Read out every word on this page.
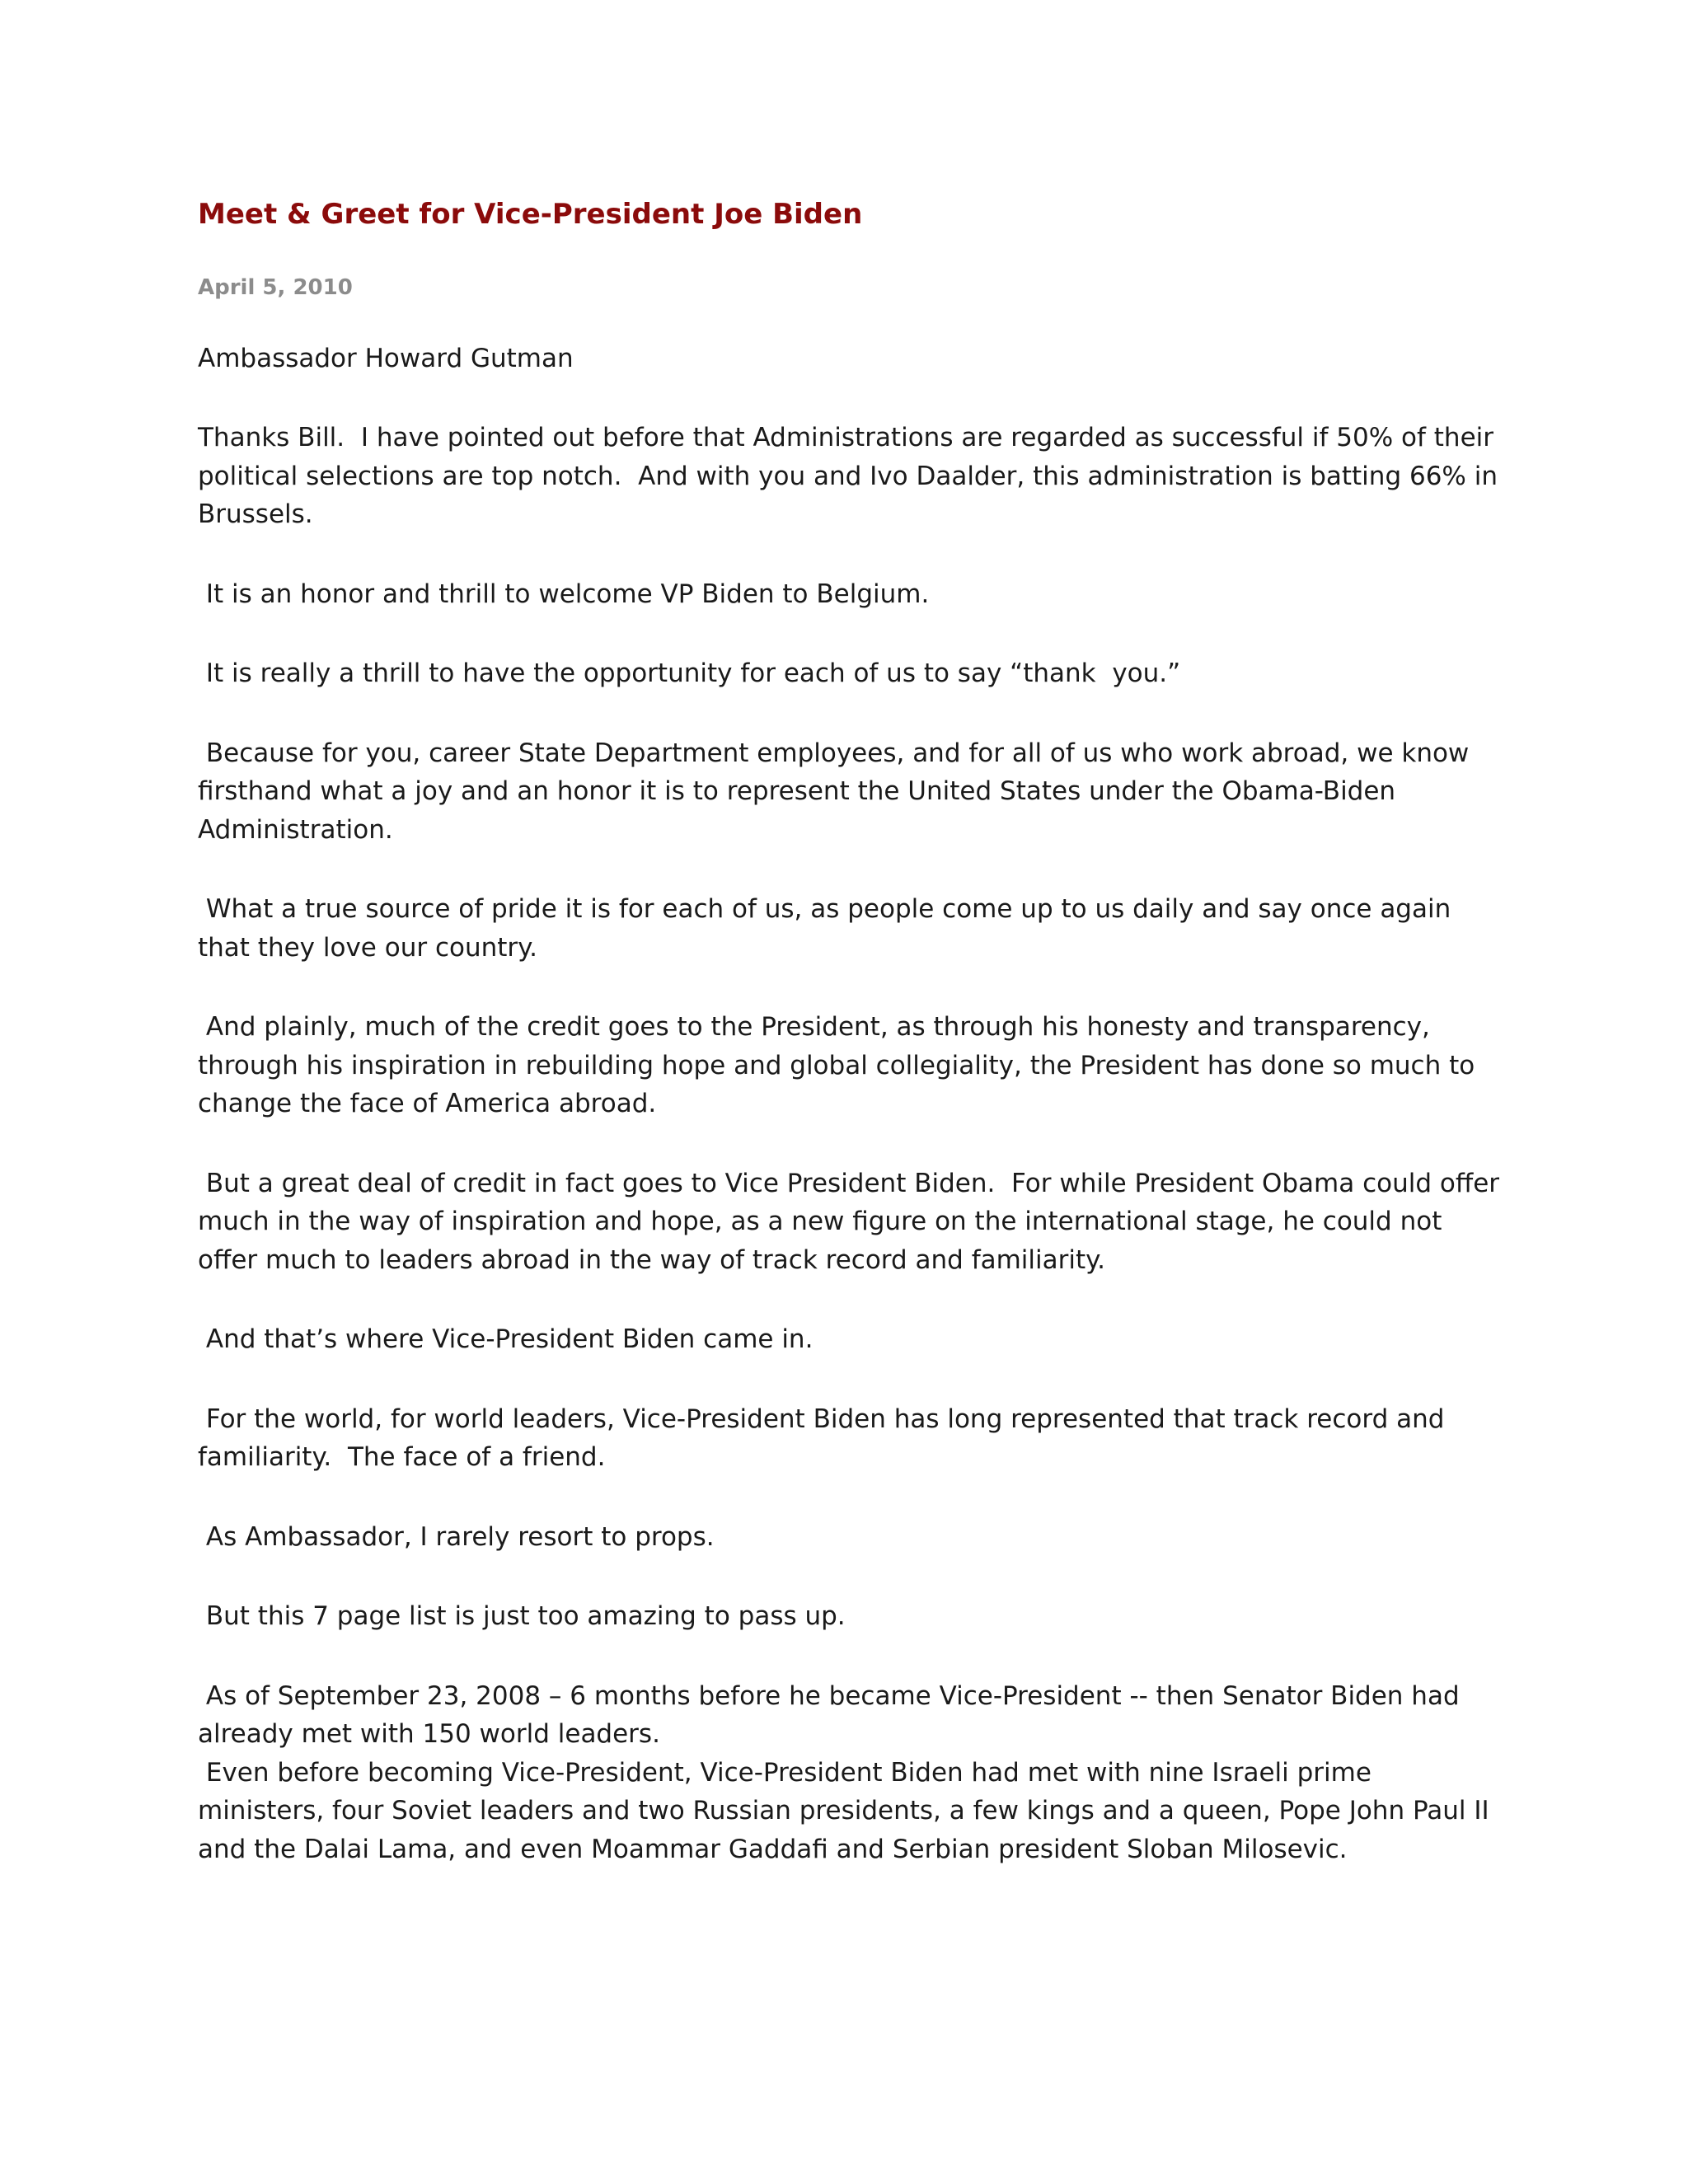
Meet & Greet for Vice-President Joe Biden
April 5, 2010
Ambassador Howard Gutman

Thanks Bill.  I have pointed out before that Administrations are regarded as successful if 50% of their political selections are top notch.  And with you and Ivo Daalder, this administration is batting 66% in Brussels.

It is an honor and thrill to welcome VP Biden to Belgium.

It is really a thrill to have the opportunity for each of us to say “thank  you.”

Because for you, career State Department employees, and for all of us who work abroad, we know firsthand what a joy and an honor it is to represent the United States under the Obama-Biden Administration.

What a true source of pride it is for each of us, as people come up to us daily and say once again that they love our country.

And plainly, much of the credit goes to the President, as through his honesty and transparency, through his inspiration in rebuilding hope and global collegiality, the President has done so much to change the face of America abroad.

But a great deal of credit in fact goes to Vice President Biden.  For while President Obama could offer much in the way of inspiration and hope, as a new figure on the international stage, he could not offer much to leaders abroad in the way of track record and familiarity.

And that’s where Vice-President Biden came in.

For the world, for world leaders, Vice-President Biden has long represented that track record and familiarity.  The face of a friend.

As Ambassador, I rarely resort to props.

But this 7 page list is just too amazing to pass up.

As of September 23, 2008 – 6 months before he became Vice-President -- then Senator Biden had already met with 150 world leaders.

Even before becoming Vice-President, Vice-President Biden had met with nine Israeli prime ministers, four Soviet leaders and two Russian presidents, a few kings and a queen, Pope John Paul II and the Dalai Lama, and even Moammar Gaddafi and Serbian president Sloban Milosevic.
